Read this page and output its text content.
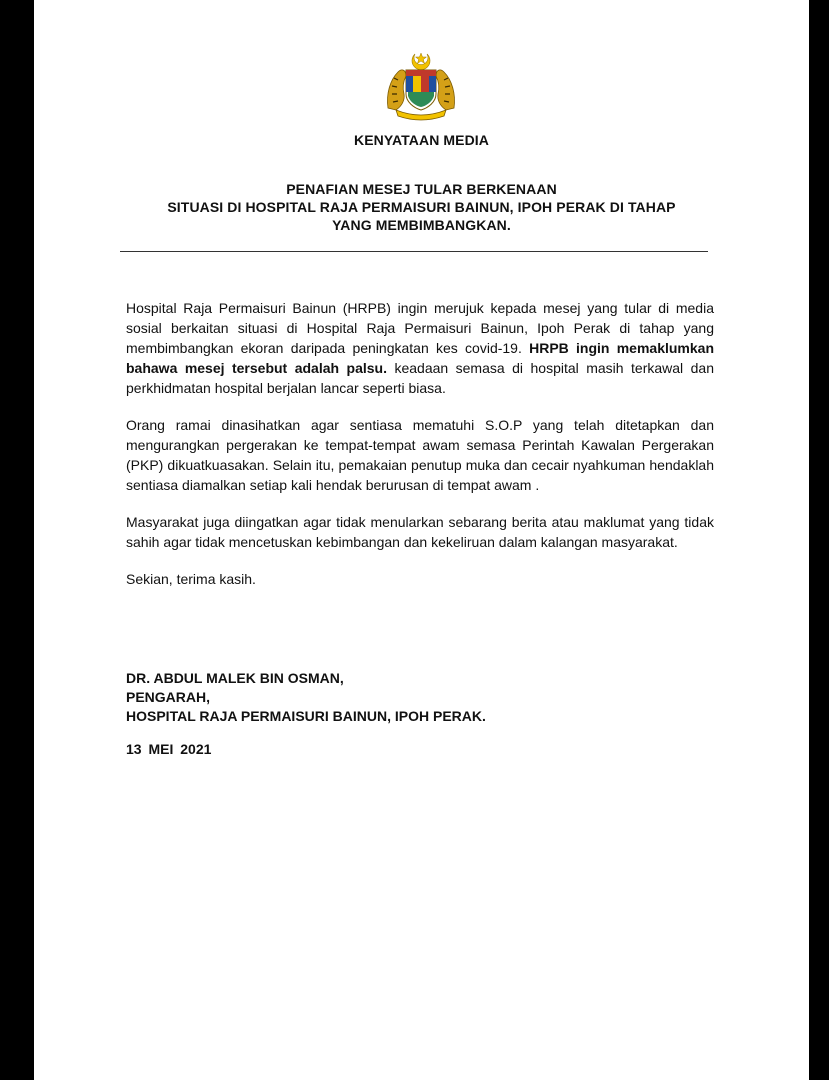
KENYATAAN MEDIA
PENAFIAN MESEJ TULAR BERKENAAN
SITUASI DI HOSPITAL RAJA PERMAISURI BAINUN, IPOH PERAK DI TAHAP
YANG MEMBIMBANGKAN.

Hospital Raja Permaisuri Bainun (HRPB) ingin merujuk kepada mesej yang tular di media sosial berkaitan situasi di Hospital Raja Permaisuri Bainun, Ipoh Perak di tahap yang membimbangkan ekoran daripada peningkatan kes covid-19. HRPB ingin memaklumkan bahawa mesej tersebut adalah palsu. keadaan semasa di hospital masih terkawal dan perkhidmatan hospital berjalan lancar seperti biasa.

Orang ramai dinasihatkan agar sentiasa mematuhi S.O.P yang telah ditetapkan dan mengurangkan pergerakan ke tempat-tempat awam semasa Perintah Kawalan Pergerakan (PKP) dikuatkuasakan. Selain itu, pemakaian penutup muka dan cecair nyahkuman hendaklah sentiasa diamalkan setiap kali hendak berurusan di tempat awam .

Masyarakat juga diingatkan agar tidak menularkan sebarang berita atau maklumat yang tidak sahih agar tidak mencetuskan kebimbangan dan kekeliruan dalam kalangan masyarakat.

Sekian, terima kasih.

DR. ABDUL MALEK BIN OSMAN,
PENGARAH,
HOSPITAL RAJA PERMAISURI BAINUN, IPOH PERAK.
13 MEI 2021
